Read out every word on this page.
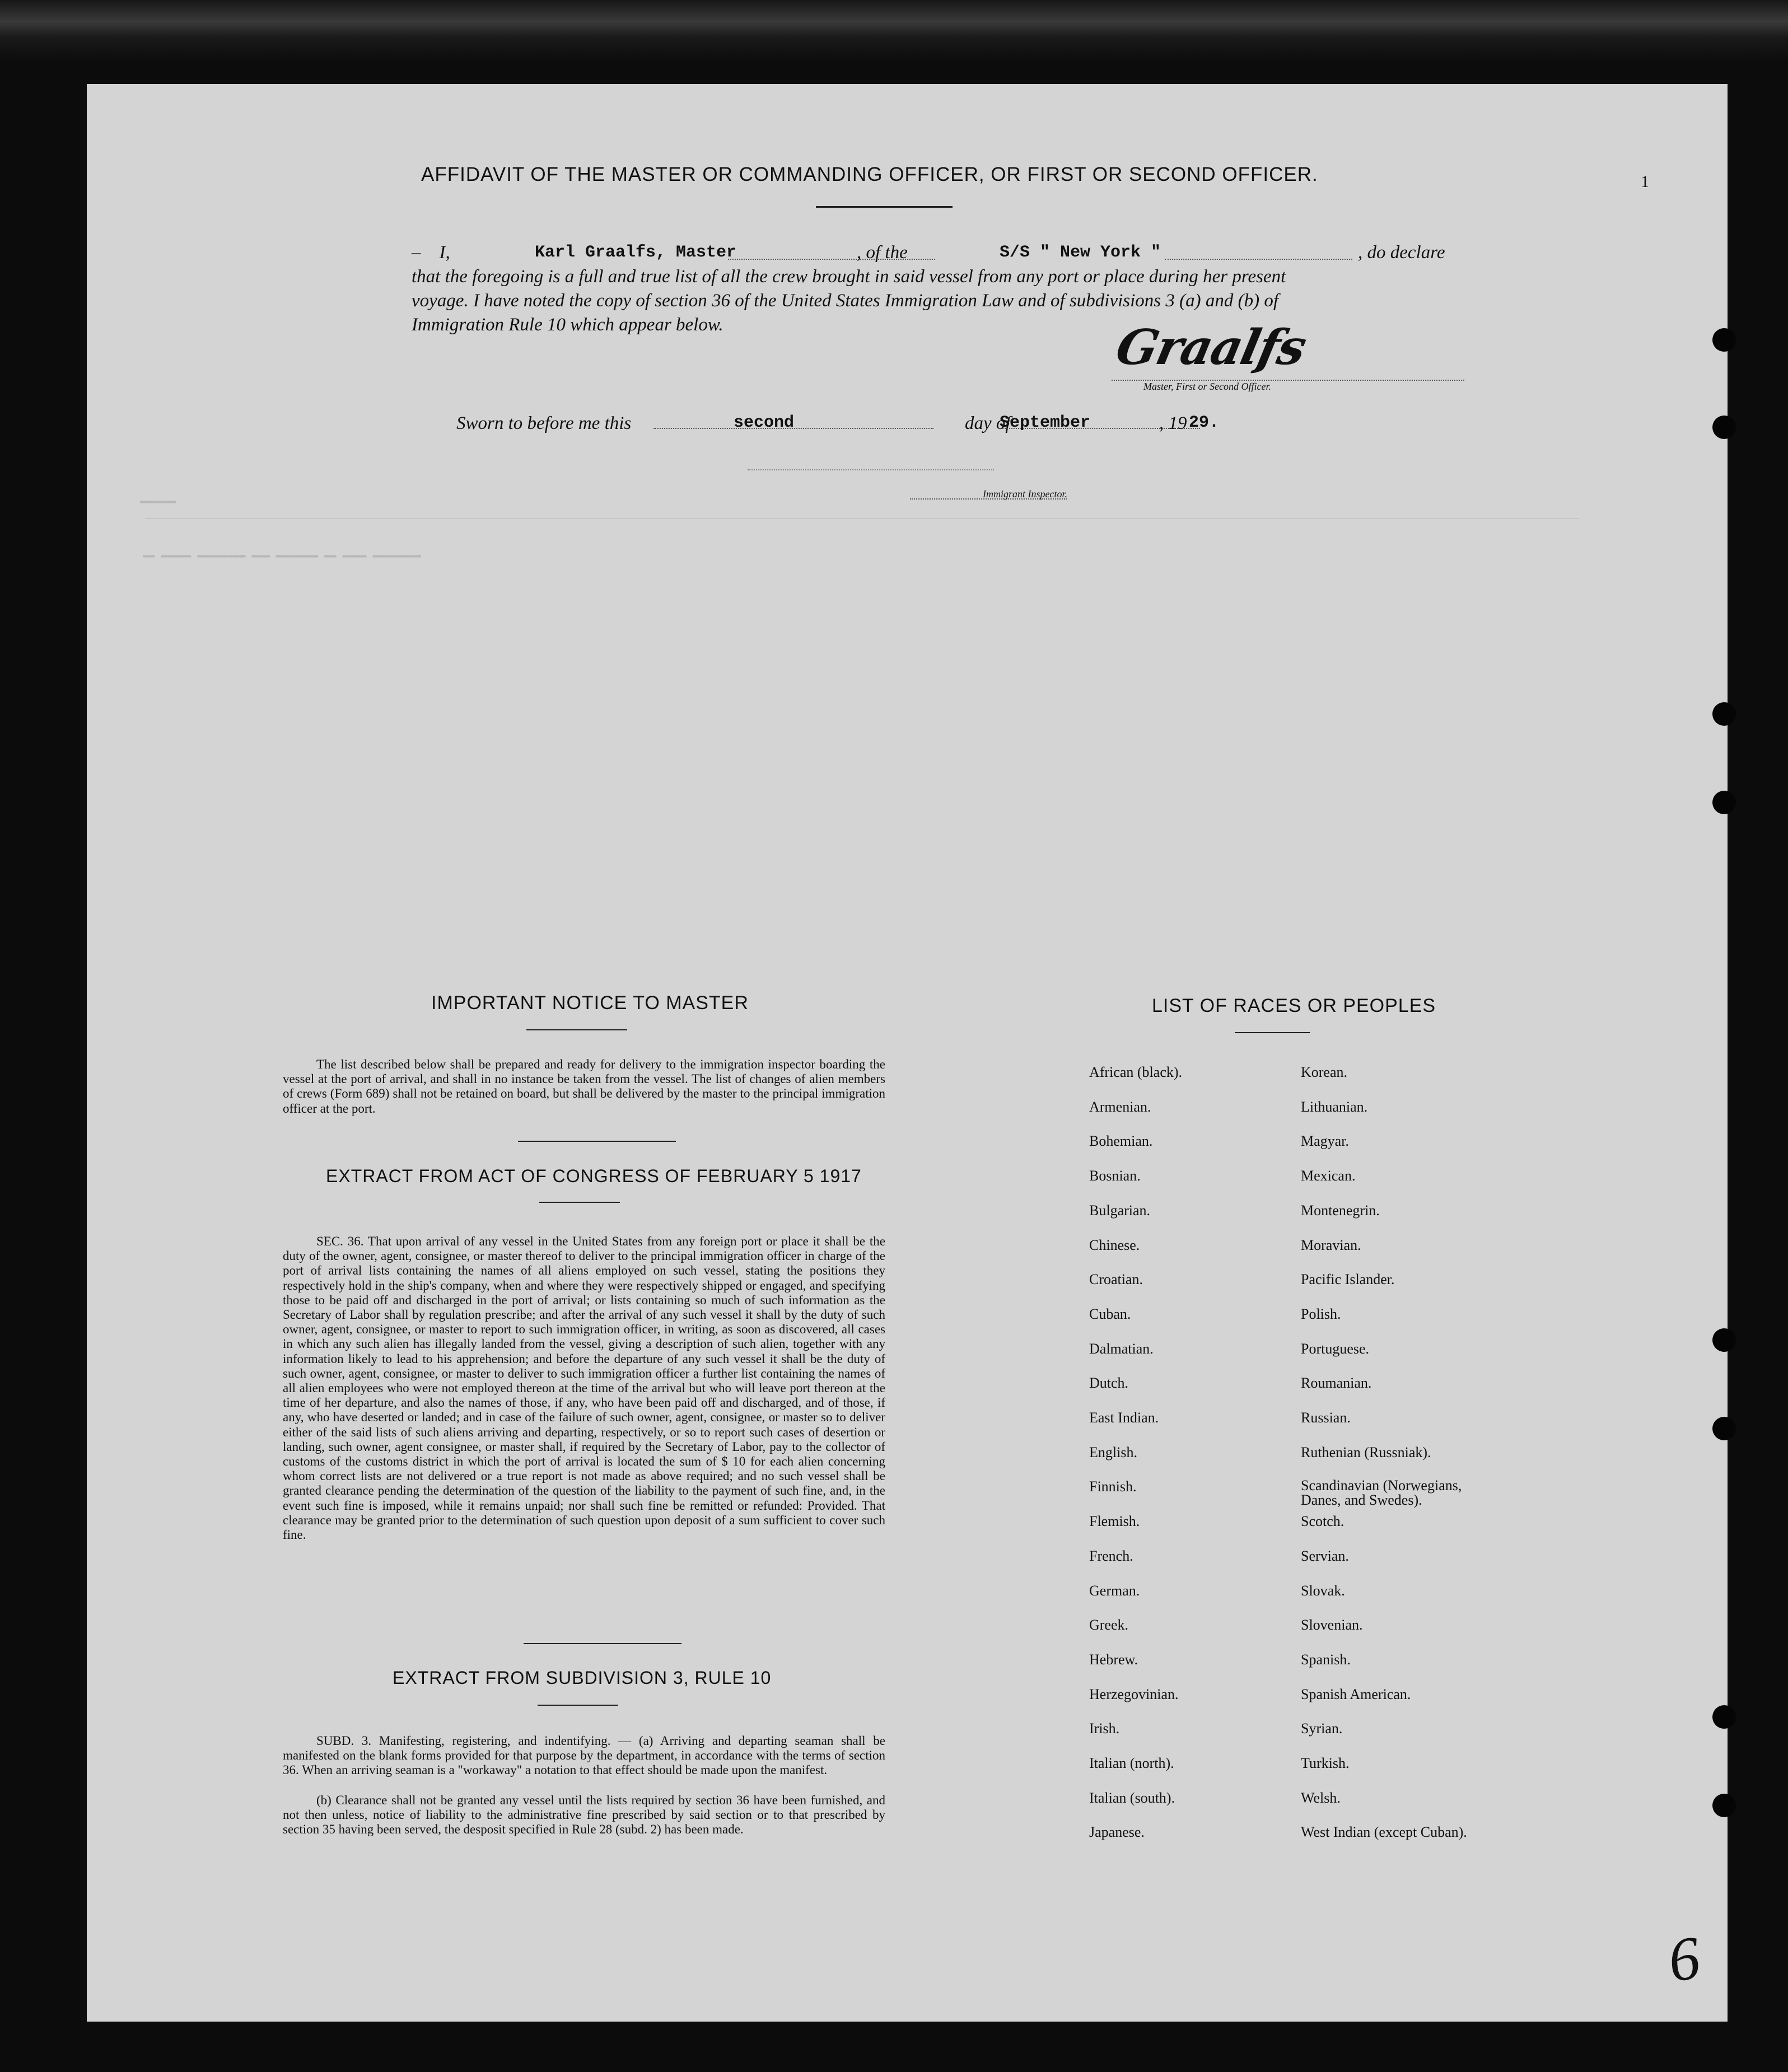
AFFIDAVIT OF THE MASTER OR COMMANDING OFFICER, OR FIRST OR SECOND OFFICER.	1
–    I,	Karl Graalfs, Master	, of the	S/S " New York "	, do declare
that the foregoing is a full and true list of all the crew brought in said vessel from any port or place during her present
voyage. I have noted the copy of section 36 of the United States Immigration Law and of subdivisions 3 (a) and (b) of
Immigration Rule 10 which appear below.	Graalfs
Master, First or Second Officer.
Sworn to before me this	second	day of
September	, 19 29.
Immigrant Inspector.
▬▬▬▬▬▬
▬▬ ▬▬▬▬▬ ▬▬▬▬▬▬▬▬ ▬▬▬ ▬▬▬▬▬▬▬ ▬▬ ▬▬▬▬ ▬▬▬▬▬▬▬▬
IMPORTANT NOTICE TO MASTER
The list described below shall be prepared and ready for delivery to the immigration inspector boarding the vessel at the port of arrival, and shall in no instance be taken from the vessel. The list of changes of alien members of crews (Form 689) shall not be retained on board, but shall be delivered by the master to the principal immigration officer at the port.
EXTRACT FROM ACT OF CONGRESS OF FEBRUARY 5 1917
SEC. 36. That upon arrival of any vessel in the United States from any foreign port or place it shall be the duty of the owner, agent, consignee, or master thereof to deliver to the principal immigration officer in charge of the port of arrival lists containing the names of all aliens employed on such vessel, stating the positions they respectively hold in the ship's company, when and where they were respectively shipped or engaged, and specifying those to be paid off and discharged in the port of arrival; or lists containing so much of such information as the Secretary of Labor shall by regulation prescribe; and after the arrival of any such vessel it shall by the duty of such owner, agent, consignee, or master to report to such immigration officer, in writing, as soon as discovered, all cases in which any such alien has illegally landed from the vessel, giving a description of such alien, together with any information likely to lead to his apprehension; and before the departure of any such vessel it shall be the duty of such owner, agent, consignee, or master to deliver to such immigration officer a further list containing the names of all alien employees who were not employed thereon at the time of the arrival but who will leave port thereon at the time of her departure, and also the names of those, if any, who have been paid off and discharged, and of those, if any, who have deserted or landed; and in case of the failure of such owner, agent, consignee, or master so to deliver either of the said lists of such aliens arriving and departing, respectively, or so to report such cases of desertion or landing, such owner, agent consignee, or master shall, if required by the Secretary of Labor, pay to the collector of customs of the customs district in which the port of arrival is located the sum of $ 10 for each alien concerning whom correct lists are not delivered or a true report is not made as above required; and no such vessel shall be granted clearance pending the determination of the question of the liability to the payment of such fine, and, in the event such fine is imposed, while it remains unpaid; nor shall such fine be remitted or refunded: Provided. That clearance may be granted prior to the determination of such question upon deposit of a sum sufficient to cover such fine.
EXTRACT FROM SUBDIVISION 3, RULE 10
SUBD. 3. Manifesting, registering, and indentifying. — (a) Arriving and departing seaman shall be manifested on the blank forms provided for that purpose by the department, in accordance with the terms of section 36. When an arriving seaman is a "workaway" a notation to that effect should be made upon the manifest.
(b) Clearance shall not be granted any vessel until the lists required by section 36 have been furnished, and not then unless, notice of liability to the administrative fine prescribed by said section or to that prescribed by section 35 having been served, the desposit specified in Rule 28 (subd. 2) has been made.
LIST OF RACES OR PEOPLES
African (black).
Armenian.
Bohemian.
Bosnian.
Bulgarian.
Chinese.
Croatian.
Cuban.
Dalmatian.
Dutch.
East Indian.
English.
Finnish.
Flemish.
French.
German.
Greek.
Hebrew.
Herzegovinian.
Irish.
Italian (north).
Italian (south).
Japanese.
Korean.
Lithuanian.
Magyar.
Mexican.
Montenegrin.
Moravian.
Pacific Islander.
Polish.
Portuguese.
Roumanian.
Russian.
Ruthenian (Russniak).
Scandinavian (Norwegians, Danes, and Swedes).
Scotch.
Servian.
Slovak.
Slovenian.
Spanish.
Spanish American.
Syrian.
Turkish.
Welsh.
West Indian (except Cuban).
6
